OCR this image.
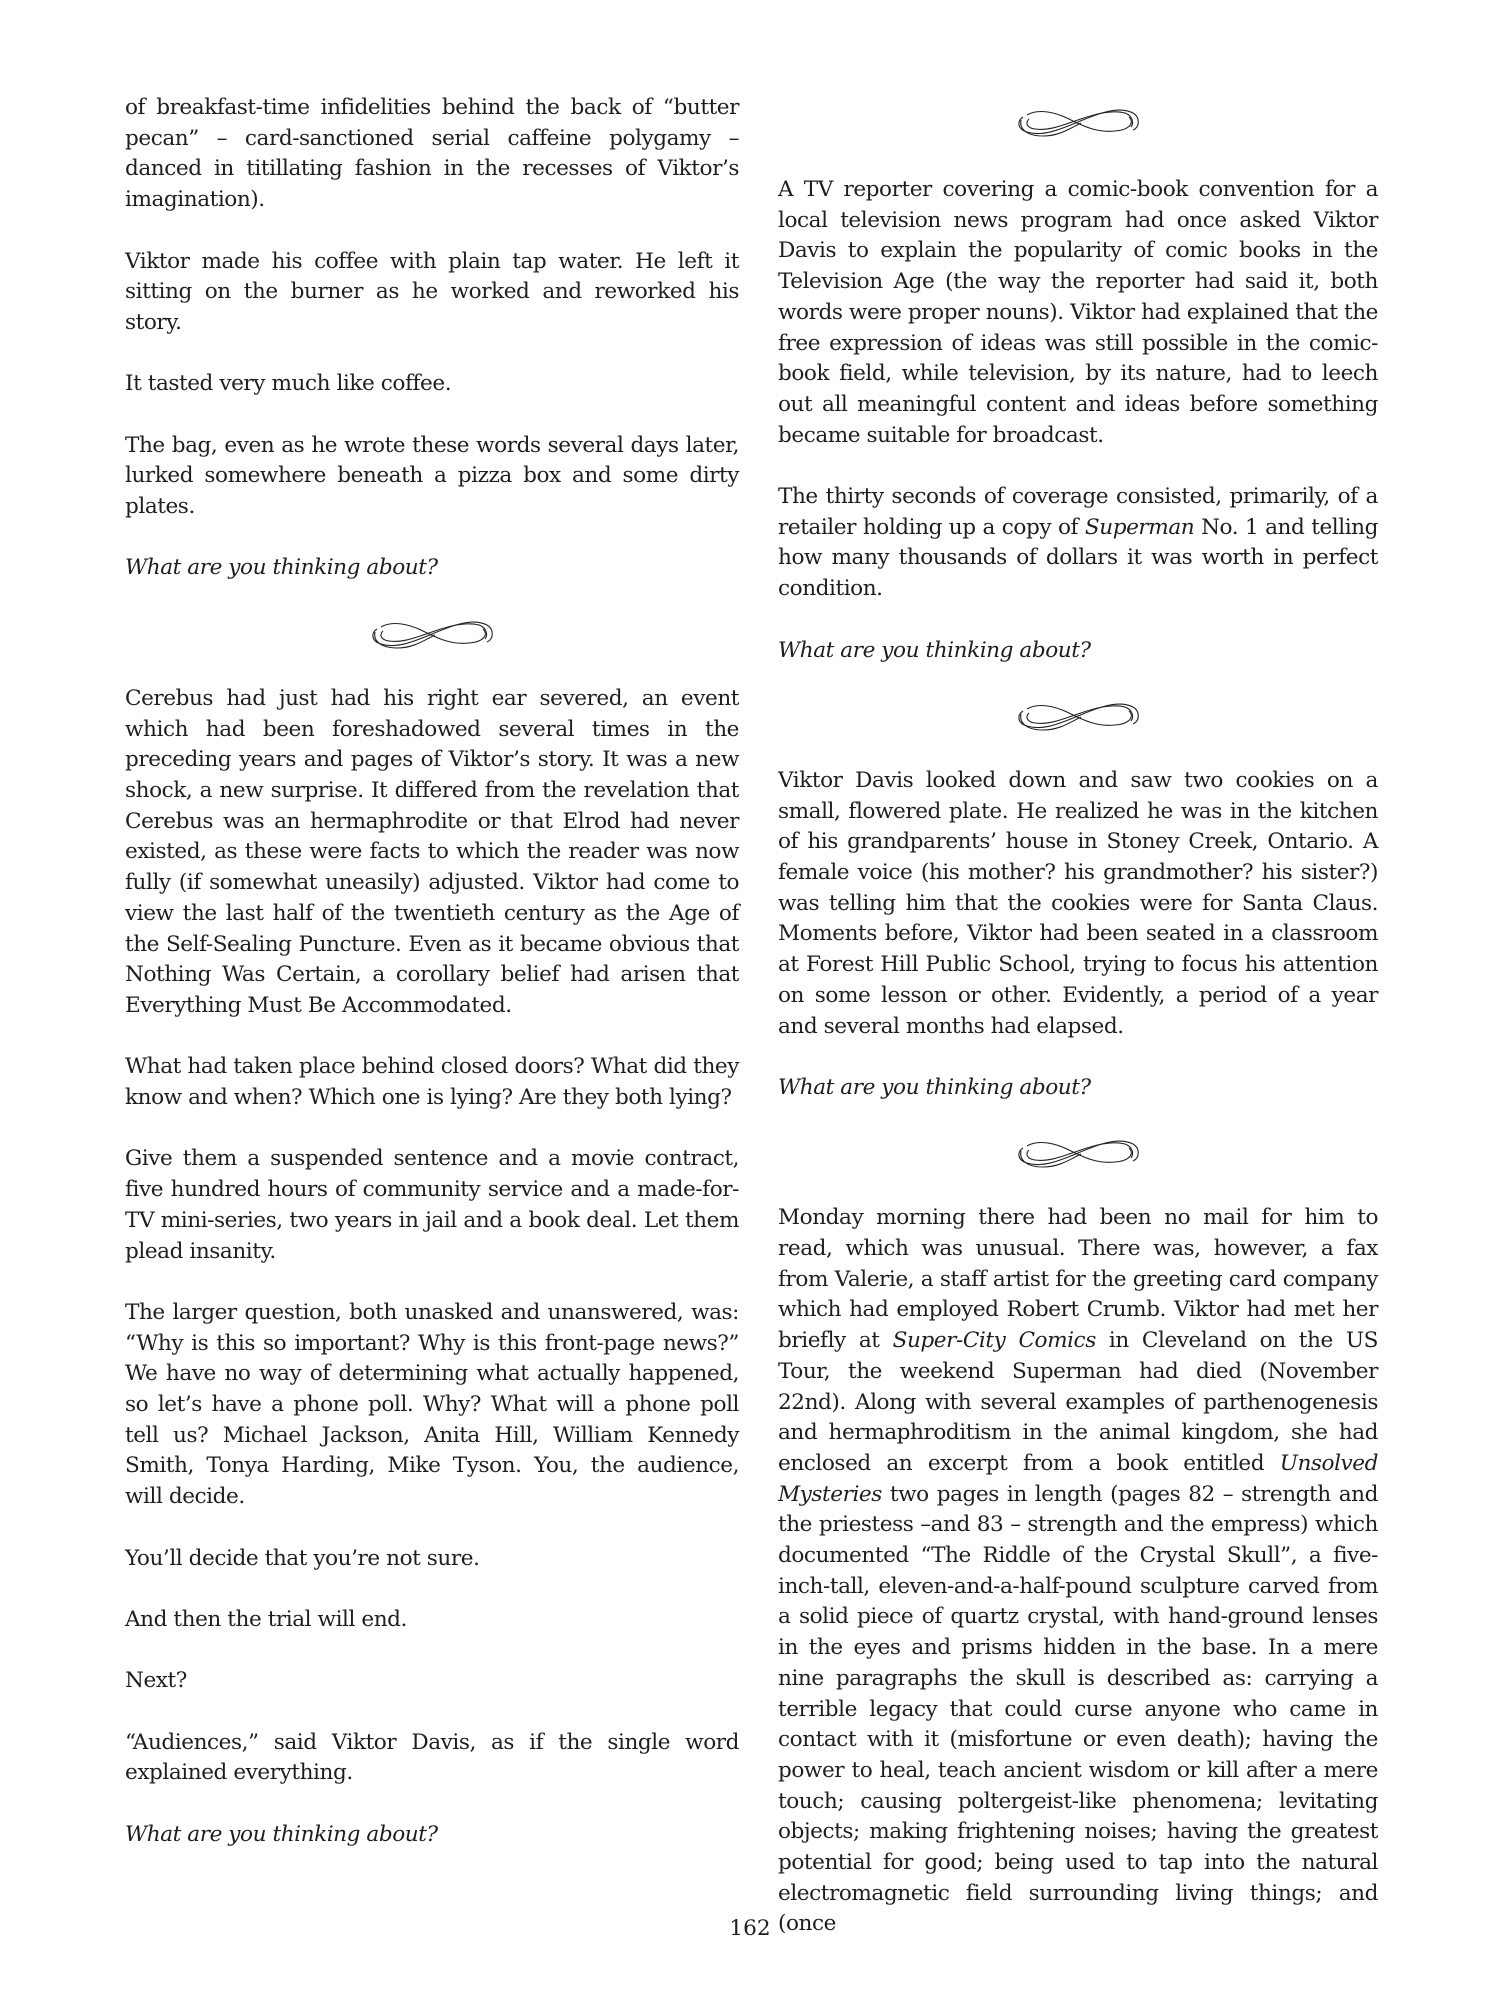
of breakfast-time infidelities behind the back of “butter pecan” – card-sanctioned serial caffeine polygamy – danced in titillating fashion in the recesses of Viktor’s imagination).

Viktor made his coffee with plain tap water. He left it sitting on the burner as he worked and reworked his story.

It tasted very much like coffee.

The bag, even as he wrote these words several days later, lurked somewhere beneath a pizza box and some dirty plates.

What are you thinking about?

Cerebus had just had his right ear severed, an event which had been foreshadowed several times in the preceding years and pages of Viktor’s story. It was a new shock, a new surprise. It differed from the revelation that Cerebus was an hermaphrodite or that Elrod had never existed, as these were facts to which the reader was now fully (if somewhat uneasily) adjusted. Viktor had come to view the last half of the twentieth century as the Age of the Self-Sealing Puncture. Even as it became obvious that Nothing Was Certain, a corollary belief had arisen that Everything Must Be Accommodated.

What had taken place behind closed doors? What did they know and when? Which one is lying? Are they both lying?

Give them a suspended sentence and a movie contract, five hundred hours of community service and a made-for-TV mini-series, two years in jail and a book deal. Let them plead insanity.

The larger question, both unasked and unanswered, was: “Why is this so important? Why is this front-page news?” We have no way of determining what actually happened, so let’s have a phone poll. Why? What will a phone poll tell us? Michael Jackson, Anita Hill, William Kennedy Smith, Tonya Harding, Mike Tyson. You, the audience, will decide.

You’ll decide that you’re not sure.

And then the trial will end.

Next?

“Audiences,” said Viktor Davis, as if the single word explained everything.

What are you thinking about?

A TV reporter covering a comic-book convention for a local television news program had once asked Viktor Davis to explain the popularity of comic books in the Television Age (the way the reporter had said it, both words were proper nouns). Viktor had explained that the free expression of ideas was still possible in the comic-book field, while television, by its nature, had to leech out all meaningful content and ideas before something became suitable for broadcast.

The thirty seconds of coverage consisted, primarily, of a retailer holding up a copy of Superman No. 1 and telling how many thousands of dollars it was worth in perfect condition.

What are you thinking about?

Viktor Davis looked down and saw two cookies on a small, flowered plate. He realized he was in the kitchen of his grandparents’ house in Stoney Creek, Ontario. A female voice (his mother? his grandmother? his sister?) was telling him that the cookies were for Santa Claus. Moments before, Viktor had been seated in a classroom at Forest Hill Public School, trying to focus his attention on some lesson or other. Evidently, a period of a year and several months had elapsed.

What are you thinking about?

Monday morning there had been no mail for him to read, which was unusual. There was, however, a fax from Valerie, a staff artist for the greeting card company which had employed Robert Crumb. Viktor had met her briefly at Super-City Comics in Cleveland on the US Tour, the weekend Superman had died (November 22nd). Along with several examples of parthenogenesis and hermaphroditism in the animal kingdom, she had enclosed an excerpt from a book entitled Unsolved Mysteries two pages in length (pages 82 – strength and the priestess –and 83 – strength and the empress) which documented “The Riddle of the Crystal Skull”, a five-inch-tall, eleven-and-a-half-pound sculpture carved from a solid piece of quartz crystal, with hand-ground lenses in the eyes and prisms hidden in the base. In a mere nine paragraphs the skull is described as: carrying a terrible legacy that could curse anyone who came in contact with it (misfortune or even death); having the power to heal, teach ancient wisdom or kill after a mere touch; causing poltergeist-like phenomena; levitating objects; making frightening noises; having the greatest potential for good; being used to tap into the natural electromagnetic field surrounding living things; and (once

162
